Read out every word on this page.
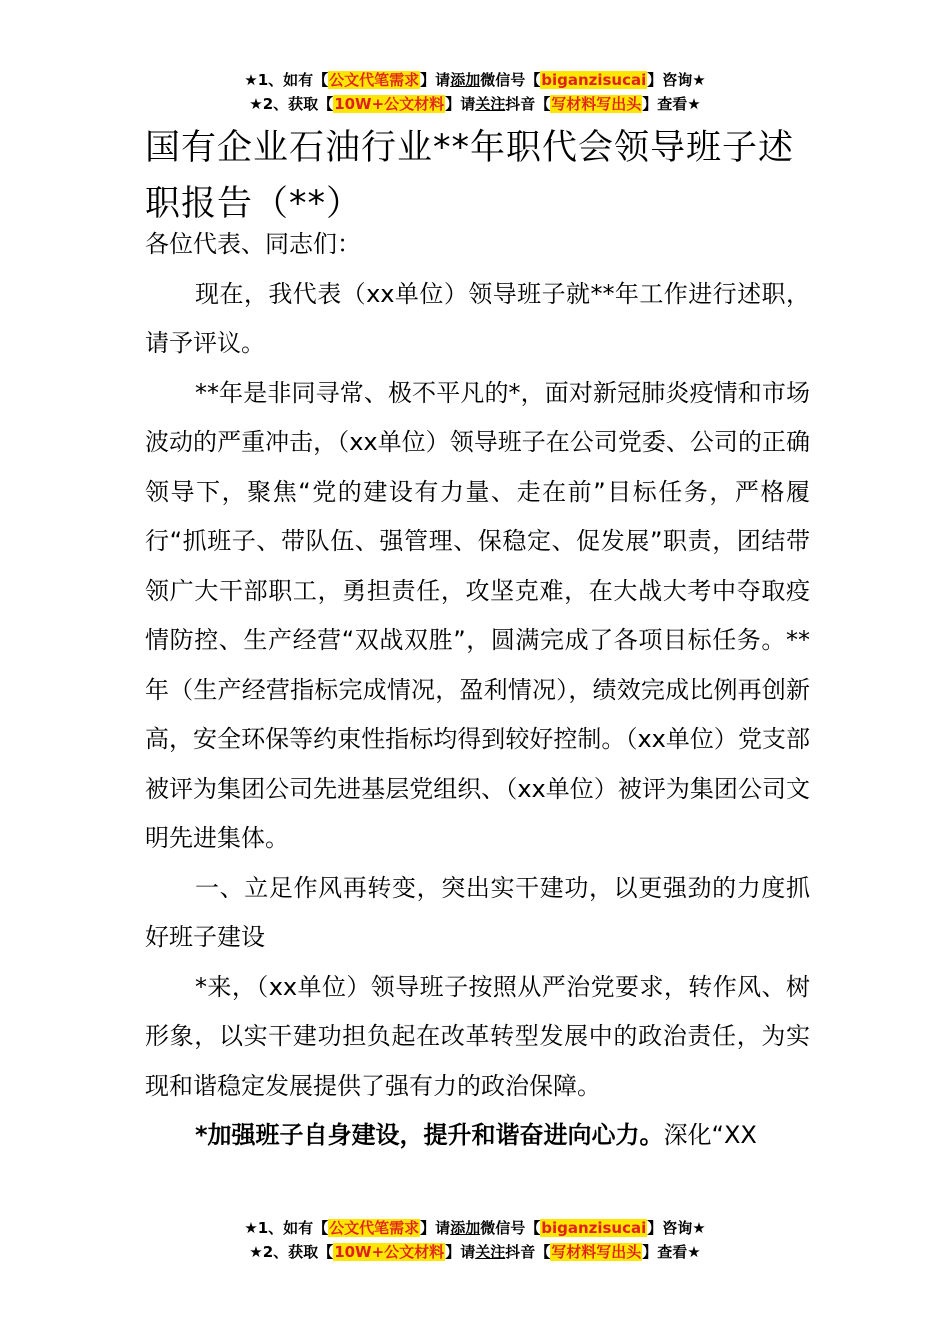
★1、如有【公文代笔需求】请添加微信号【biganzisucai】咨询★
★2、获取【10W+公文材料】请关注抖音【写材料写出头】查看★
国有企业石油行业**年职代会领导班子述职报告（**）

各位代表、同志们：

现在，我代表（xx单位）领导班子就**年工作进行述职，请予评议。

**年是非同寻常、极不平凡的*，面对新冠肺炎疫情和市场波动的严重冲击，（xx单位）领导班子在公司党委、公司的正确领导下，聚焦“党的建设有力量、走在前”目标任务，严格履行“抓班子、带队伍、强管理、保稳定、促发展”职责，团结带领广大干部职工，勇担责任，攻坚克难，在大战大考中夺取疫情防控、生产经营“双战双胜”，圆满完成了各项目标任务。**年（生产经营指标完成情况，盈利情况），绩效完成比例再创新高，安全环保等约束性指标均得到较好控制。（xx单位）党支部被评为集团公司先进基层党组织、（xx单位）被评为集团公司文明先进集体。

一、立足作风再转变，突出实干建功，以更强劲的力度抓好班子建设

*来，（xx单位）领导班子按照从严治党要求，转作风、树形象，以实干建功担负起在改革转型发展中的政治责任，为实现和谐稳定发展提供了强有力的政治保障。

*加强班子自身建设，提升和谐奋进向心力。深化“XX

★1、如有【公文代笔需求】请添加微信号【biganzisucai】咨询★
★2、获取【10W+公文材料】请关注抖音【写材料写出头】查看★
